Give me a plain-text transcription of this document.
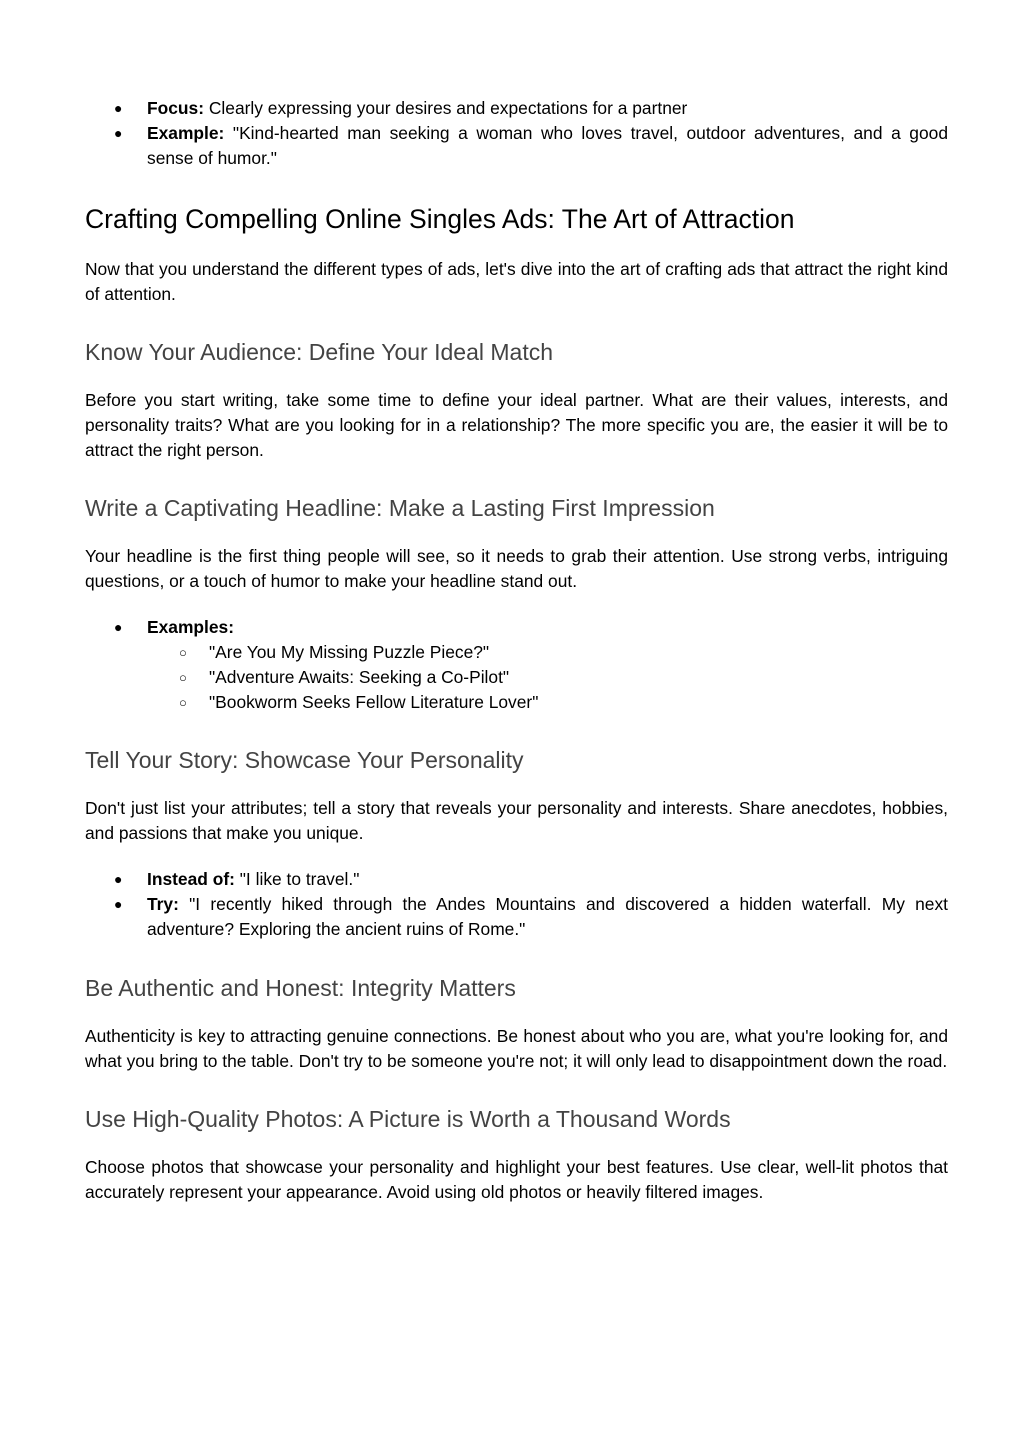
● Focus: Clearly expressing your desires and expectations for a partner
● Example: "Kind-hearted man seeking a woman who loves travel, outdoor adventures, and a good sense of humor."
Crafting Compelling Online Singles Ads: The Art of Attraction

Now that you understand the different types of ads, let's dive into the art of crafting ads that attract the right kind of attention.

Know Your Audience: Define Your Ideal Match

Before you start writing, take some time to define your ideal partner. What are their values, interests, and personality traits? What are you looking for in a relationship? The more specific you are, the easier it will be to attract the right person.

Write a Captivating Headline: Make a Lasting First Impression

Your headline is the first thing people will see, so it needs to grab their attention. Use strong verbs, intriguing questions, or a touch of humor to make your headline stand out.

● Examples:
○ "Are You My Missing Puzzle Piece?"
○ "Adventure Awaits: Seeking a Co-Pilot"
○ "Bookworm Seeks Fellow Literature Lover"
Tell Your Story: Showcase Your Personality

Don't just list your attributes; tell a story that reveals your personality and interests. Share anecdotes, hobbies, and passions that make you unique.

● Instead of: "I like to travel."
● Try: "I recently hiked through the Andes Mountains and discovered a hidden waterfall. My next adventure? Exploring the ancient ruins of Rome."
Be Authentic and Honest: Integrity Matters

Authenticity is key to attracting genuine connections. Be honest about who you are, what you're looking for, and what you bring to the table. Don't try to be someone you're not; it will only lead to disappointment down the road.

Use High-Quality Photos: A Picture is Worth a Thousand Words

Choose photos that showcase your personality and highlight your best features. Use clear, well-lit photos that accurately represent your appearance. Avoid using old photos or heavily filtered images.
